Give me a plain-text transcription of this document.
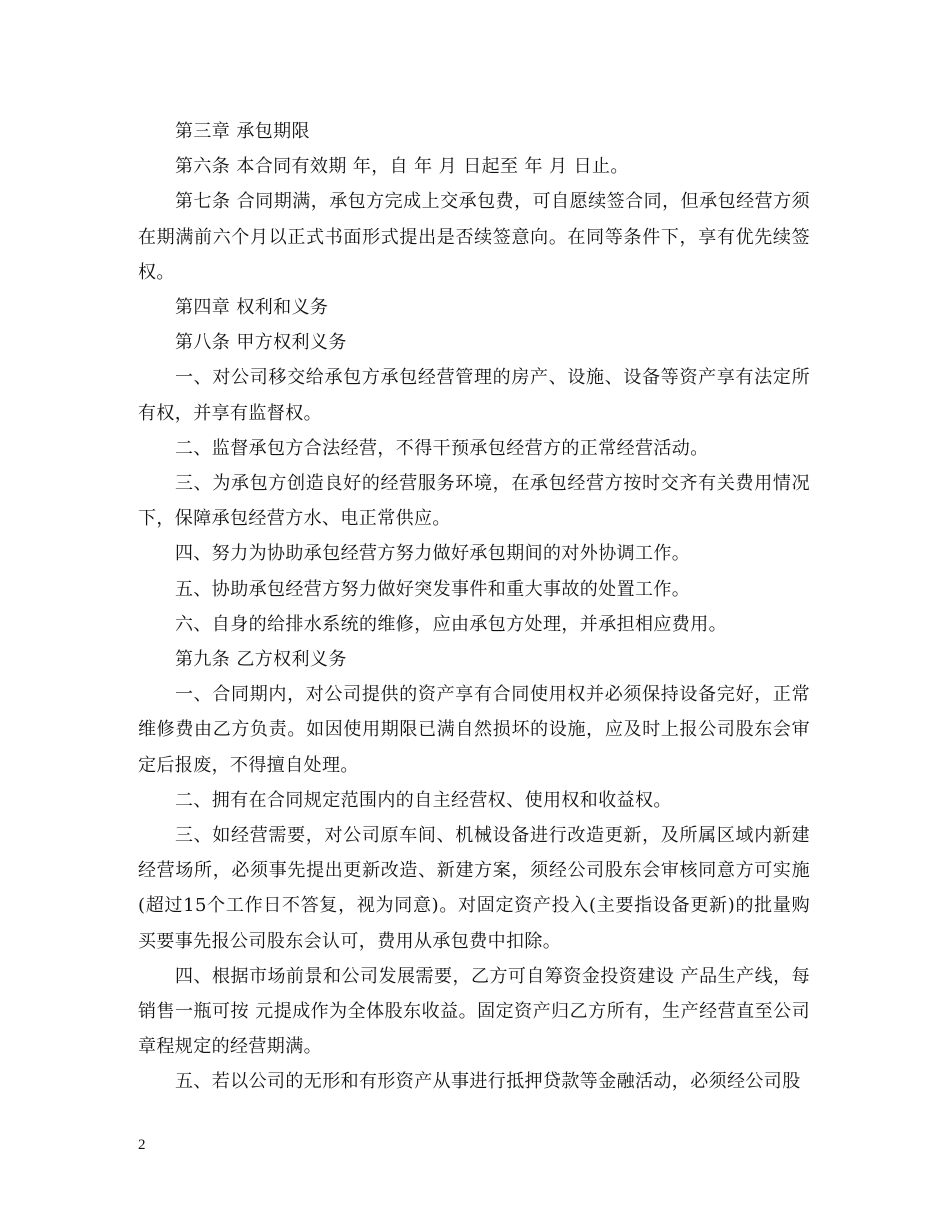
第三章 承包期限

第六条 本合同有效期 年，自 年 月 日起至 年 月 日止。

第七条 合同期满，承包方完成上交承包费，可自愿续签合同，但承包经营方须在期满前六个月以正式书面形式提出是否续签意向。在同等条件下，享有优先续签权。

第四章 权利和义务

第八条 甲方权利义务

一、对公司移交给承包方承包经营管理的房产、设施、设备等资产享有法定所有权，并享有监督权。

二、监督承包方合法经营，不得干预承包经营方的正常经营活动。

三、为承包方创造良好的经营服务环境，在承包经营方按时交齐有关费用情况下，保障承包经营方水、电正常供应。

四、努力为协助承包经营方努力做好承包期间的对外协调工作。

五、协助承包经营方努力做好突发事件和重大事故的处置工作。

六、自身的给排水系统的维修，应由承包方处理，并承担相应费用。

第九条 乙方权利义务

一、合同期内，对公司提供的资产享有合同使用权并必须保持设备完好，正常维修费由乙方负责。如因使用期限已满自然损坏的设施，应及时上报公司股东会审定后报废，不得擅自处理。

二、拥有在合同规定范围内的自主经营权、使用权和收益权。

三、如经营需要，对公司原车间、机械设备进行改造更新，及所属区域内新建经营场所，必须事先提出更新改造、新建方案，须经公司股东会审核同意方可实施(超过15个工作日不答复，视为同意)。对固定资产投入(主要指设备更新)的批量购买要事先报公司股东会认可，费用从承包费中扣除。

四、根据市场前景和公司发展需要，乙方可自筹资金投资建设 产品生产线，每销售一瓶可按 元提成作为全体股东收益。固定资产归乙方所有，生产经营直至公司章程规定的经营期满。

五、若以公司的无形和有形资产从事进行抵押贷款等金融活动，必须经公司股

2
